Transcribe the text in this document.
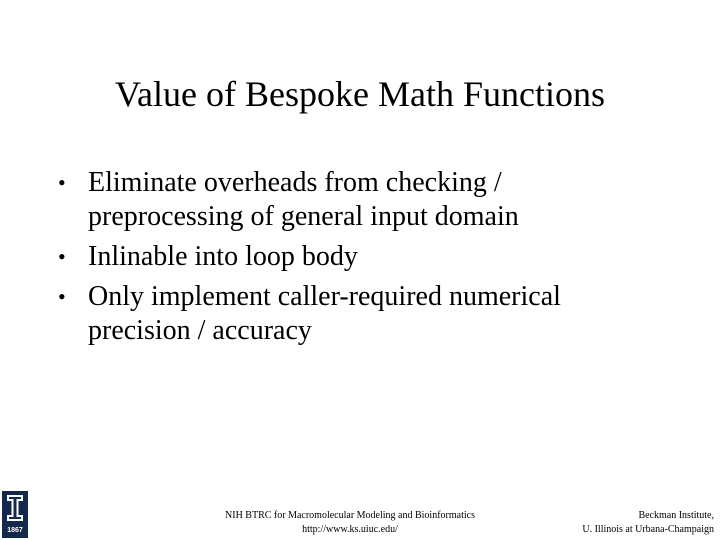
Value of Bespoke Math Functions
• Eliminate overheads from checking /
preprocessing of general input domain
• Inlinable into loop body
• Only implement caller-required numerical
precision / accuracy
1867
NIH BTRC for Macromolecular Modeling and Bioinformatics
http://www.ks.uiuc.edu/
Beckman Institute,
U. Illinois at Urbana-Champaign
